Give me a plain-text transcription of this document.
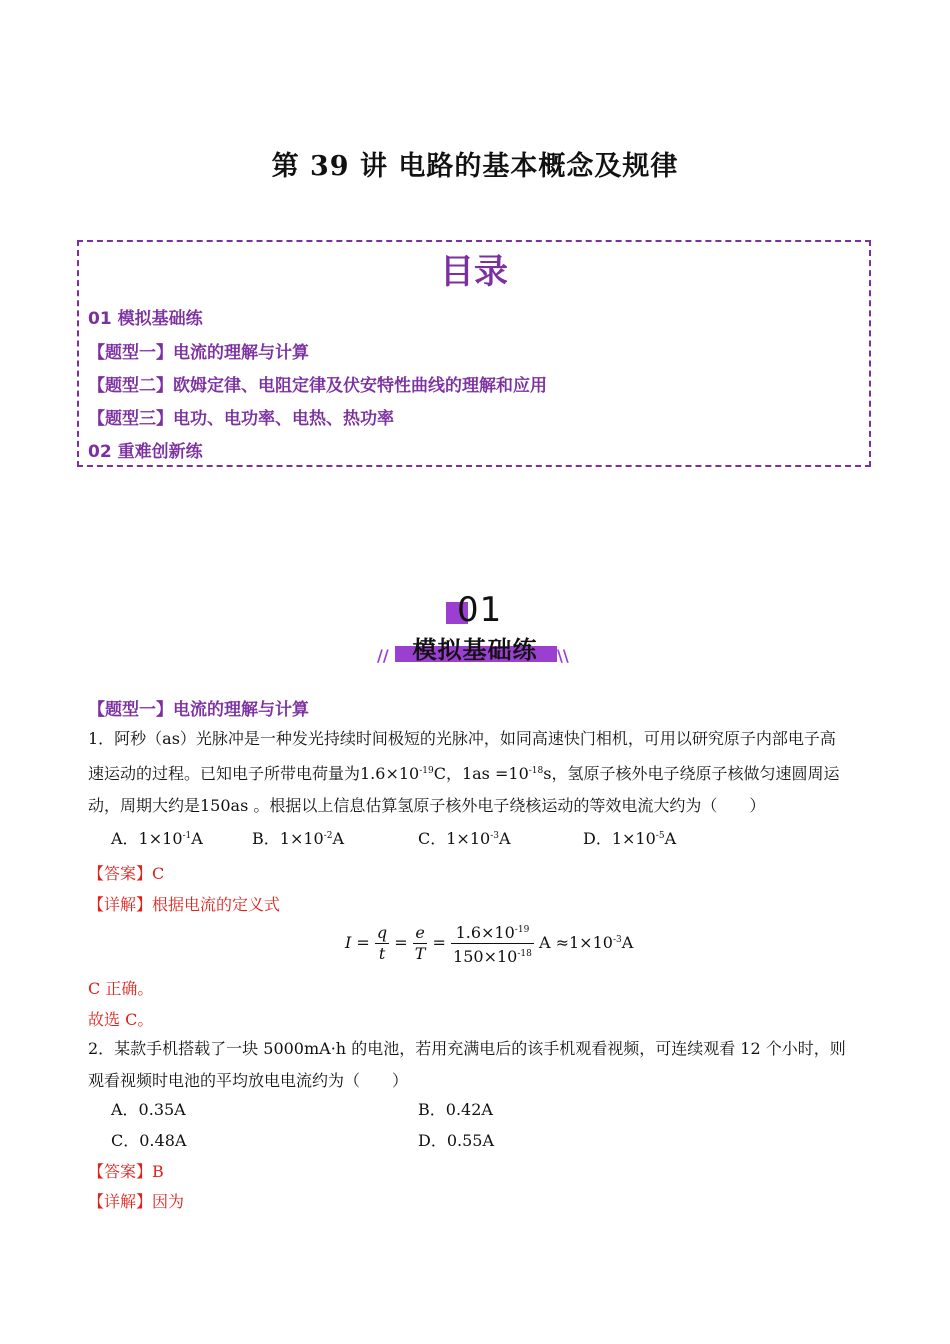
第 39 讲 电路的基本概念及规律
目录
01 模拟基础练
【题型一】电流的理解与计算
【题型二】欧姆定律、电阻定律及伏安特性曲线的理解和应用
【题型三】电功、电功率、电热、热功率
02 重难创新练
01
模拟基础练
//	\\
【题型一】电流的理解与计算
1．阿秒（as）光脉冲是一种发光持续时间极短的光脉冲，如同高速快门相机，可用以研究原子内部电子高
速运动的过程。已知电子所带电荷量为$1.6\times 10^{-19}C$，$1as =10^{-18}s$，氢原子核外电子绕原子核做匀速圆周运
动，周期大约是150as 。根据以上信息估算氢原子核外电子绕核运动的等效电流大约为（　　）
A．$1\times 10^{-1}A$	B．$1\times 10^{-2}A$	C．$1\times 10^{-3}A$	D．$1\times 10^{-5}A$
【答案】C
【详解】根据电流的定义式
$I = \frac{q}{t} = \frac{e}{T} = \frac{1.6\times 10^{-19}}{150\times 10^{-18}}$ $A \approx 1\times 10^{-3}A$
C 正确。
故选 C。
2．某款手机搭载了一块 5000mA·h 的电池，若用充满电后的该手机观看视频，可连续观看 12 个小时，则
观看视频时电池的平均放电电流约为（　　）
A．0.35A	B．0.42A
C．0.48A	D．0.55A
【答案】B
【详解】因为
